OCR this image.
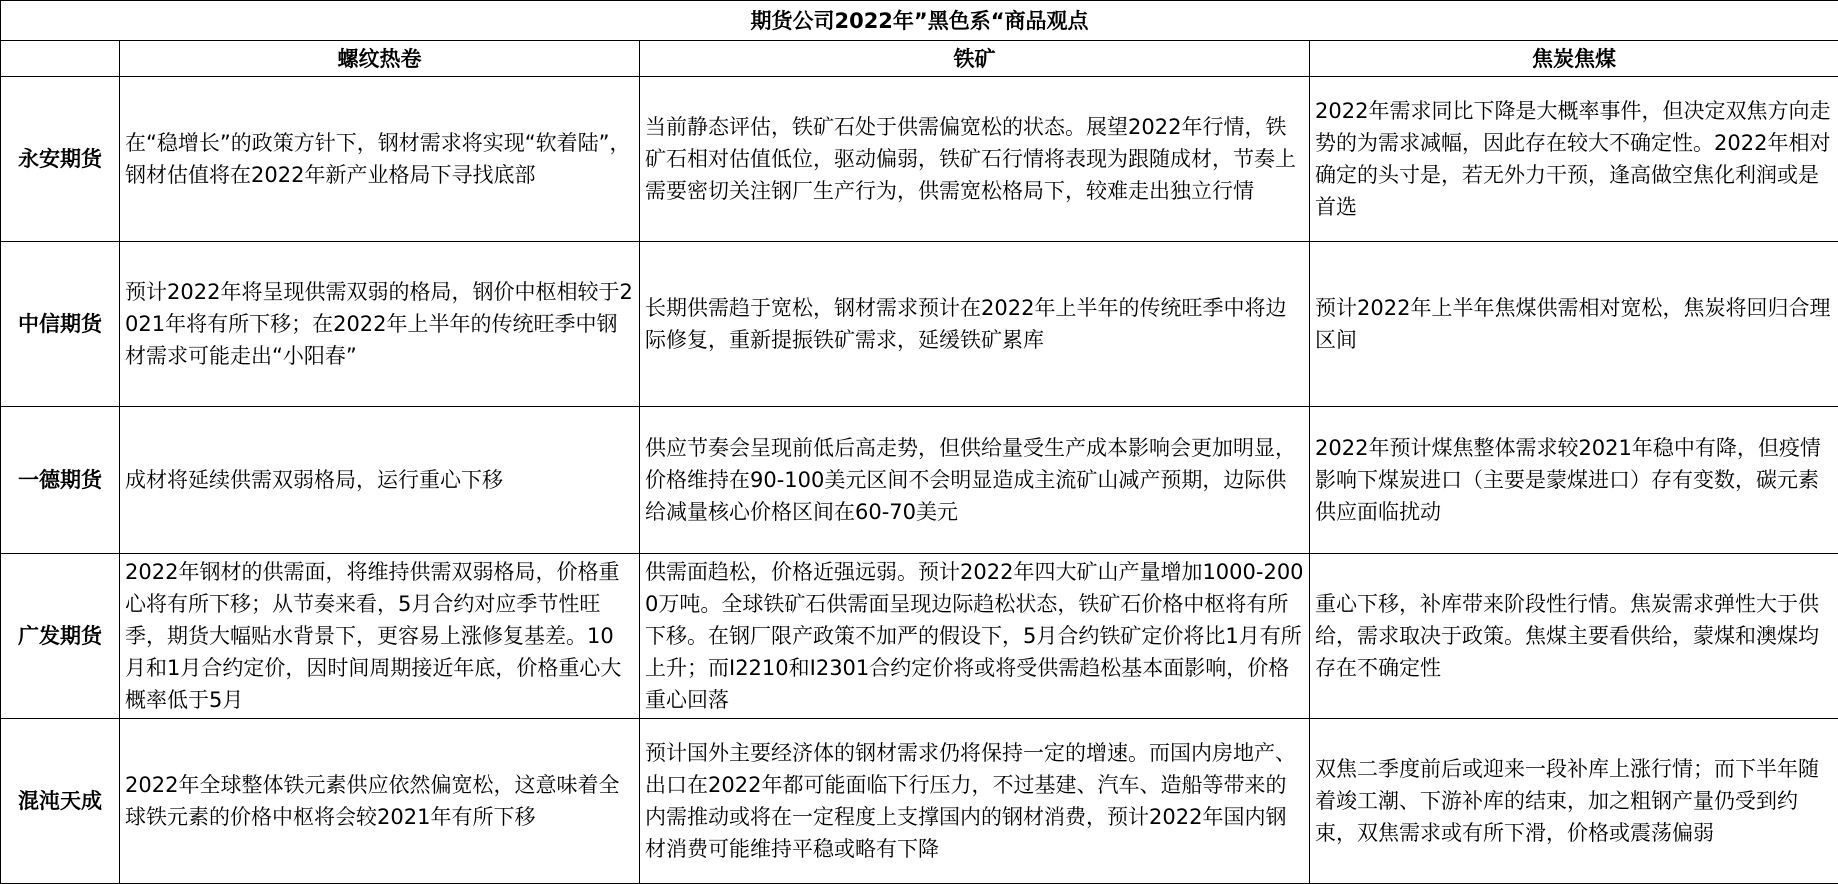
期货公司2022年”黑色系“商品观点			
	螺纹热卷	铁矿	焦炭焦煤
永安期货	在“稳增长”的政策方针下，钢材需求将实现“软着陆”，钢材估值将在2022年新产业格局下寻找底部	当前静态评估，铁矿石处于供需偏宽松的状态。展望2022年行情，铁矿石相对估值低位，驱动偏弱，铁矿石行情将表现为跟随成材，节奏上需要密切关注钢厂生产行为，供需宽松格局下，较难走出独立行情	2022年需求同比下降是大概率事件，但决定双焦方向走势的为需求减幅，因此存在较大不确定性。2022年相对确定的头寸是，若无外力干预，逢高做空焦化利润或是首选
中信期货	预计2022年将呈现供需双弱的格局，钢价中枢相较于2021年将有所下移；在2022年上半年的传统旺季中钢材需求可能走出“小阳春”	长期供需趋于宽松，钢材需求预计在2022年上半年的传统旺季中将边际修复，重新提振铁矿需求，延缓铁矿累库	预计2022年上半年焦煤供需相对宽松，焦炭将回归合理区间
一德期货	成材将延续供需双弱格局，运行重心下移	供应节奏会呈现前低后高走势，但供给量受生产成本影响会更加明显，价格维持在90-100美元区间不会明显造成主流矿山减产预期，边际供给减量核心价格区间在60-70美元	2022年预计煤焦整体需求较2021年稳中有降，但疫情影响下煤炭进口（主要是蒙煤进口）存有变数，碳元素供应面临扰动
广发期货	2022年钢材的供需面，将维持供需双弱格局，价格重心将有所下移；从节奏来看，5月合约对应季节性旺季，期货大幅贴水背景下，更容易上涨修复基差。10月和1月合约定价，因时间周期接近年底，价格重心大概率低于5月	供需面趋松，价格近强远弱。预计2022年四大矿山产量增加1000-2000万吨。全球铁矿石供需面呈现边际趋松状态，铁矿石价格中枢将有所下移。在钢厂限产政策不加严的假设下，5月合约铁矿定价将比1月有所上升；而I2210和I2301合约定价将或将受供需趋松基本面影响，价格重心回落	重心下移，补库带来阶段性行情。焦炭需求弹性大于供给，需求取决于政策。焦煤主要看供给，蒙煤和澳煤均存在不确定性
混沌天成	2022年全球整体铁元素供应依然偏宽松，这意味着全球铁元素的价格中枢将会较2021年有所下移	预计国外主要经济体的钢材需求仍将保持一定的增速。而国内房地产、出口在2022年都可能面临下行压力，不过基建、汽车、造船等带来的内需推动或将在一定程度上支撑国内的钢材消费，预计2022年国内钢材消费可能维持平稳或略有下降	双焦二季度前后或迎来一段补库上涨行情；而下半年随着竣工潮、下游补库的结束，加之粗钢产量仍受到约束，双焦需求或有所下滑，价格或震荡偏弱
